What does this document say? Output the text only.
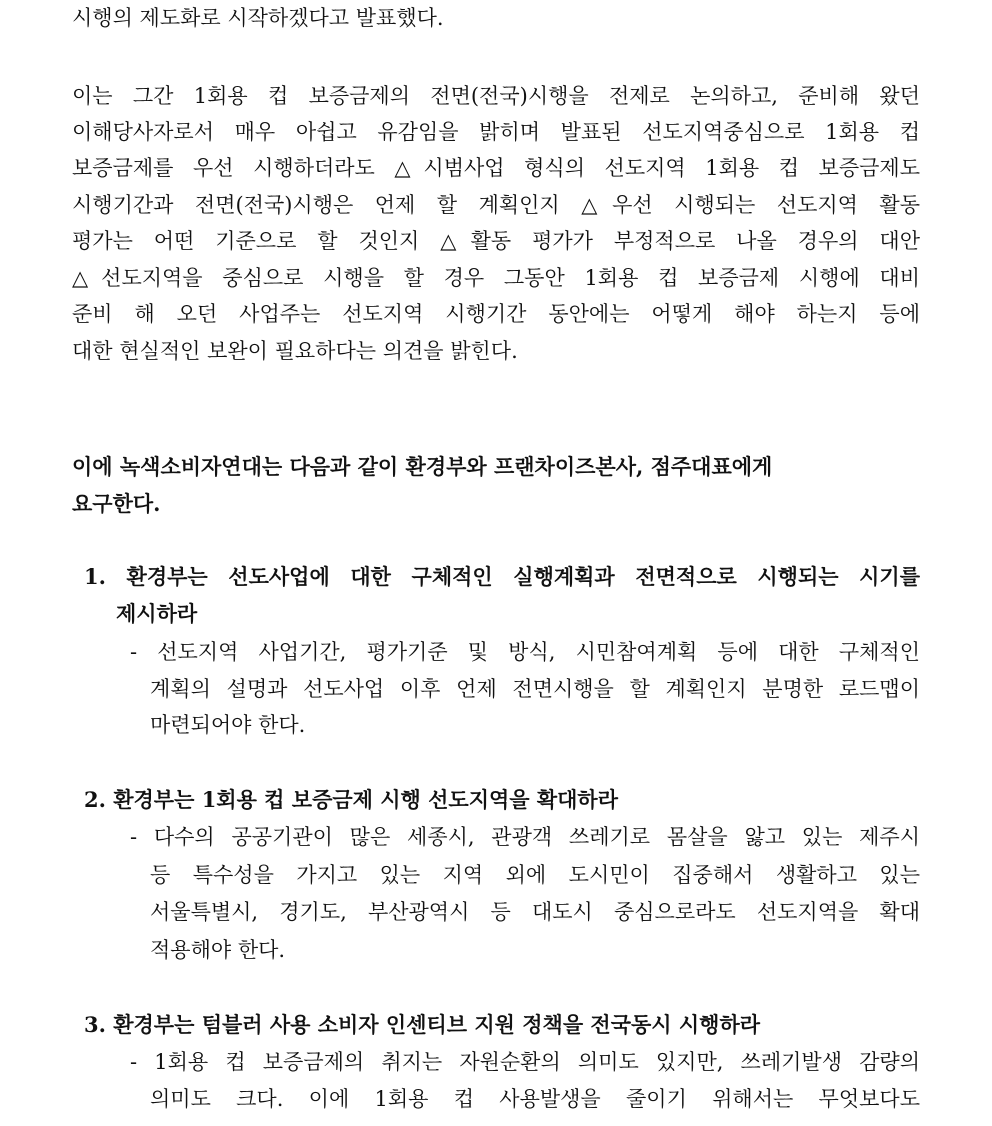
시행의 제도화로 시작하겠다고 발표했다.
이는 그간 1회용 컵 보증금제의 전면(전국)시행을 전제로 논의하고, 준비해 왔던
이해당사자로서 매우 아쉽고 유감임을 밝히며 발표된 선도지역중심으로 1회용 컵
보증금제를 우선 시행하더라도 △시범사업 형식의 선도지역 1회용 컵 보증금제도
시행기간과 전면(전국)시행은 언제 할 계획인지 △우선 시행되는 선도지역 활동
평가는 어떤 기준으로 할 것인지 △활동 평가가 부정적으로 나올 경우의 대안
△선도지역을 중심으로 시행을 할 경우 그동안 1회용 컵 보증금제 시행에 대비
준비 해 오던 사업주는 선도지역 시행기간 동안에는 어떻게 해야 하는지 등에
대한 현실적인 보완이 필요하다는 의견을 밝힌다.
이에 녹색소비자연대는 다음과 같이 환경부와 프랜차이즈본사, 점주대표에게
요구한다.
1. 환경부는 선도사업에 대한 구체적인 실행계획과 전면적으로 시행되는 시기를
제시하라
- 선도지역 사업기간, 평가기준 및 방식, 시민참여계획 등에 대한 구체적인
계획의 설명과 선도사업 이후 언제 전면시행을 할 계획인지 분명한 로드맵이
마련되어야 한다.
2. 환경부는 1회용 컵 보증금제 시행 선도지역을 확대하라
- 다수의 공공기관이 많은 세종시, 관광객 쓰레기로 몸살을 앓고 있는 제주시
등 특수성을 가지고 있는 지역 외에 도시민이 집중해서 생활하고 있는
서울특별시, 경기도, 부산광역시 등 대도시 중심으로라도 선도지역을 확대
적용해야 한다.
3. 환경부는 텀블러 사용 소비자 인센티브 지원 정책을 전국동시 시행하라
- 1회용 컵 보증금제의 취지는 자원순환의 의미도 있지만, 쓰레기발생 감량의
의미도 크다. 이에 1회용 컵 사용발생을 줄이기 위해서는 무엇보다도
